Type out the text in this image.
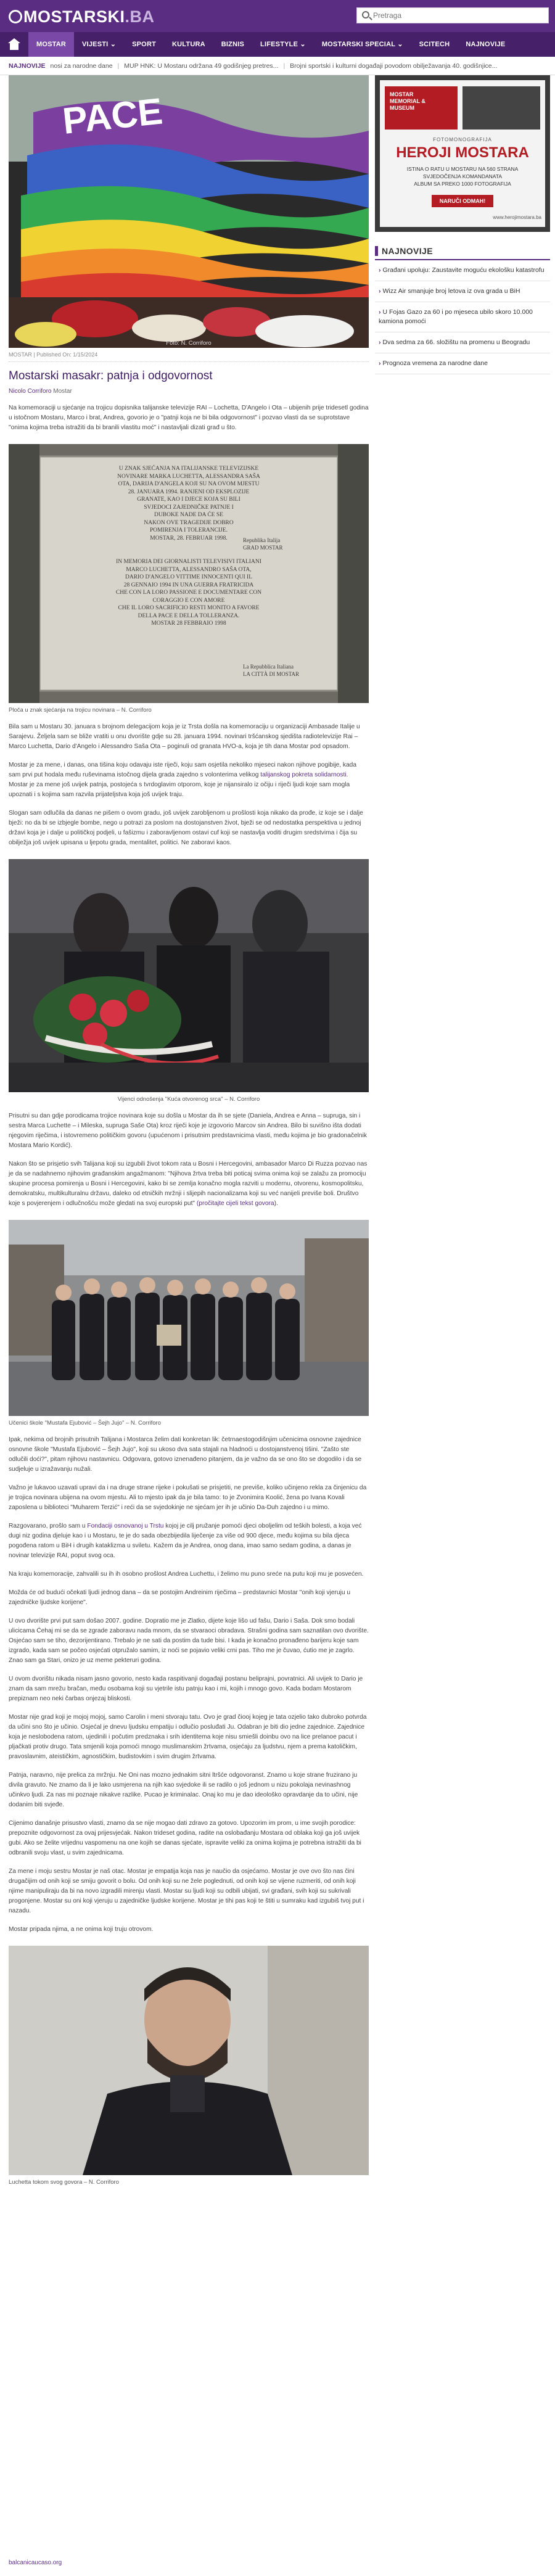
MOSTARSKI.BA
Pretraga
MOSTAR	VIJESTI ⌄	SPORT	KULTURA	BIZNIS	LIFESTYLE ⌄	MOSTARSKI SPECIAL ⌄	SCITECH	NAJNOVIJE
NAJNOVIJE nosi za narodne dane | MUP HNK: U Mostaru održana 49 godišnjeg pretres... | Brojni sportski i kulturni događaji povodom obilježavanja 40. godišnjice...
PACE
Foto: N. Corriforo
MOSTAR | Published On: 1/15/2024
Mostarski masakr: patnja i odgovornost
Nicolo Corriforo Mostar

Na komemoraciji u sjećanje na trojicu dopisnika talijanske televizije RAI – Lochetta, D'Angelo i Ota – ubijenih prije tridesetl godina u istočnom Mostaru, Marco i brat, Andrea, govorio je o "patnji koja ne bi bila odgovornost" i pozvao vlasti da se suprotstave "onima kojima treba istražiti da bi branili vlastitu moć" i nastavljali dizati građ u što.

U ZNAK SJEĆANJA NA ITALIJANSKE TELEVIZIJSKE
NOVINARE MARKA LUCHETTA, ALESSANDRA SAŠA
OTA, DARIJA D'ANGELA KOJI SU NA OVOM MJESTU
28. JANUARA 1994. RANJENI OD EKSPLOZIJE
GRANATE, KAO I DJECE KOJA SU BILI
SVJEDOCI ZAJEDNIČKE PATNJE I
DUBOKE NADE DA ĆE SE
NAKON OVE TRAGEDIJE DOBRO
POMIRENJA I TOLERANCIJE.
MOSTAR, 28. FEBRUAR 1998.
IN MEMORIA DEI GIORNALISTI TELEVISIVI ITALIANI
MARCO LUCHETTA, ALESSANDRO SAŠA OTA,
DARIO D'ANGELO VITTIME INNOCENTI QUI IL
28 GENNAIO 1994 IN UNA GUERRA FRATRICIDA
CHE CON LA LORO PASSIONE E DOCUMENTARE CON
CORAGGIO E CON AMORE
CHE IL LORO SACRIFICIO RESTI MONITO A FAVORE
DELLA PACE E DELLA TOLLERANZA.
MOSTAR 28 FEBBRAIO 1998
Republika Italija
GRAD MOSTAR
La Repubblica Italiana
LA CITTÀ DI MOSTAR
Ploča u znak sjećanja na trojicu novinara – N. Corriforo

Bila sam u Mostaru 30. januara s brojnom delegacijom koja je iz Trsta došla na komemoraciju u organizaciji Ambasade Italije u Sarajevu. Željela sam se bliže vratiti u onu dvorište gdje su 28. januara 1994. novinari tršćanskog sjedišta radiotelevizije Rai – Marco Luchetta, Dario d'Angelo i Alessandro Saša Ota – poginuli od granata HVO-a, koja je tih dana Mostar pod opsadom.

Mostar je za mene, i danas, ona tišina koju odavaju iste riječi, koju sam osjetila nekoliko mjeseci nakon njihove pogibije, kada sam prvi put hodala među ruševinama istočnog dijela grada zajedno s volonterima velikog talijanskog pokreta solidarnosti. Mostar je za mene još uvijek patnja, postojeća s tvrdoglavim otporom, koje je nijansiralo iz očiju i riječi ljudi koje sam mogla upoznati i s kojima sam razvila prijateljstva koja još uvijek traju.

Slogan sam odlučila da danas ne pišem o ovom gradu, još uvijek zarobljenom u prošlosti koja nikako da prođe, iz koje se i dalje bježi: no da bi se izbjegle bombe, nego u potrazi za poslom na dostojanstven život, bježi se od nedostatka perspektiva u jednoj državi koja je i dalje u političkoj podjeli, u fašizmu i zaboravljenom ostavi cuf koji se nastavlja voditi drugim sredstvima i čija su obilježja još uvijek upisana u ljepotu grada, mentalitet, politici. Ne zaboravi kaos.

Vijenci odnošenja "Kuća otvorenog srca" – N. Corriforo

Prisutni su dan gdje porodicama trojice novinara koje su došla u Mostar da ih se sjete (Daniela, Andrea e Anna – supruga, sin i sestra Marca Luchette – i Mileska, supruga Saše Ota) kroz riječi koje je izgovorio Marcov sin Andrea. Bilo bi suvišno išta dodati njegovim riječima, i istovremeno političkim govoru (upućenom i prisutnim predstavnicima vlasti, među kojima je bio gradonačelnik Mostara Mario Kordić).

Nakon što se prisjetio svih Talijana koji su izgubili život tokom rata u Bosni i Hercegovini, ambasador Marco Di Ruzza pozvao nas je da se nadahnemo njihovim građanskim angažmanom: "Njihova žrtva treba biti poticaj svima onima koji se zalažu za promociju skupine procesa pomirenja u Bosni i Hercegovini, kako bi se zemlja konačno mogla razviti u modernu, otvorenu, kosmopolitsku, demokratsku, multikulturalnu državu, daleko od etničkih mržnji i slijepih nacionalizama koji su već nanijeli previše boli. Društvo koje s povjerenjem i odlučnošću može gledati na svoj europski put" (pročitajte cijeli tekst govora).

Učenici škole "Mustafa Ejubović – Šejh Jujo" – N. Corriforo

Ipak, nekima od brojnih prisutnih Talijana i Mostarca želim dati konkretan lik: četrnaestogodišnjim učenicima osnovne zajednice osnovne škole "Mustafa Ejubović – Šejh Jujo", koji su ukoso dva sata stajali na hladnoći u dostojanstvenoj tišini. "Zašto ste odlučili doći?", pitam njihovu nastavnicu. Odgovara, gotovo iznenađeno pitanjem, da je važno da se ono što se dogodilo i da se sudjeluje u izražavanju nužali.

Važno je lukavoo uzavati upravi da i na druge strane rijeke i pokušati se prisjetiti, ne previše, koliko učinjeno rekla za činjenicu da je trojica novinara ubijena na ovom mjestu. Ali to mjesto ipak da je bila tamo: to je Zvonimira Koolić, žena po Ivana Kovali zaposlena u biblioteci "Muharem Terzić" i reći da se svjedokinje ne sjećam jer ih je učinio Da-Duh zajedno i u mimo.

Razgovarano, prošlo sam u Fondaciji osnovanoj u Trstu kojoj je cilj pružanje pomoći djeci oboljelim od teških bolesti, a koja već dugi niz godina djeluje kao i u Mostaru, te je do sada obezbijedila liječenje za više od 900 djece, među kojima su bila djeca pogođena ratom u BiH i drugih kataklizma u sviletu. Kažem da je Andrea, onog dana, imao samo sedam godina, a danas je novinar televizije RAI, poput svog oca.

Na kraju komemoracije, zahvalili su ih ih osobno prošlost Andrea Luchettu, i želimo mu puno sreće na putu koji mu je posvećen.

Možda će od budući očekati ljudi jednog dana – da se postojim Andreinim riječima – predstavnici Mostar "onih koji vjeruju u zajedničke ljudske korijene".

U ovo dvorište prvi put sam došao 2007. godine. Dopratio me je Zlatko, dijete koje lišo ud fašu, Dario i Saša. Dok smo bodali ulicicama Ćehaj mi se da se zgrade zaboravu nada mnom, da se stvaraoci obradava. Strašni godina sam saznatilan ovo dvorište. Osjećao sam se tiho, dezorijentirano. Trebalo je ne sati da postim da tude bisi. I kada je konačno pronađeno barijeru koje sam izgrado, kada sam se počeo osjećati otpružalo samim, iz noći se pojavio veliki crni pas. Tiho me je čuvao, ćutio me je zagrlo. Znao sam ga Stari, onizo je uz meme pekteruri godina.

U ovom dvorištu nikada nisam jasno govorio, nesto kada raspitivanji događaji postanu beliprajni, povratnici. Ali uvijek to Dario je znam da sam mrežu bračan, među osobama koji su vjetrile istu patnju kao i mi, kojih i mnogo govo. Kada bodam Mostarom prepiznam neo neki čarbas onjezaj bliskosti.

Mostar nije grad koji je mojoj mojoj, samo Carolin i meni stvoraju tatu. Ovo je grad čiooj kojeg je tata ozjelio tako dubroko potvrda da učini sno što je učinio. Osjećal je dnevu ljudsku empatiju i odlučio posluđati Ju. Odabran je biti dio jedne zajednice. Zajednice koja je neslobodena ratom, ujedinili i počutim predznaka i srih identitema koje nisu smiešli doinbu ovo na lice prelanoe pacut i pljačkati protiv drugo. Tata smjenili koja pomoći mnogo muslimanskim žrtvama, osjećaju za ljudstvu, njem a prema katoličkim, pravoslavnim, ateističkim, agnostičkim, budistovkim i svim drugim žrtvama.

Patnja, naravno, nije prelica za mržnju. Ne Oni nas mozno jednakim sitni ltršće odgovoranst. Znamo u koje strane fruzirano ju divila gravuto. Ne znamo da li je lako usmjerena na njih kao svjedoke ili se radilo o još jednom u nizu pokolaja nevinashnog učinkvo ljudi. Za nas mi poznaje nikakve razlike. Pucao je kriminalac. Onaj ko mu je dao ideološko opravdanje da to učini, nije dodanim biti svjeđe.

Cijenimo današnje prisustvo vlasti, znamo da se nije mogao dati zdravo za gotovo. Upozorim im prom, u ime svojih porodice: prepoznite odgovornost za ovaj prijesvjećak. Nakon trideset godina, radite na oslobađanju Mostara od oblaka koji ga još uvijek gubi. Ako se želite vrijednu vaspomenu na one kojih se danas sjećate, ispravite veliki za onima kojima je potrebna istražiti da bi odbranili svoju vlast, u svim zajednicama.

Za mene i moju sestru Mostar je naš otac. Mostar je empatija koja nas je naučio da osjećamo. Mostar je ove ovo što nas čini drugačijim od onih koji se smiju govorit o bolu. Od onih koji su ne žele poglednuti, od onih koji se vijene ruzmeriti, od onih koji njime manipuliraju da bi na novo izgradili mirenju vlasti. Mostar su ljudi koji su odbili ubijati, svi građani, svih koji su sukrivali progonjene. Mostar su oni koji vjeruju u zajedničke ljudske korijene. Mostar je tihi pas koji te štiti u sumraku kad izgubiš tvoj put i nazadu.

Mostar pripada njima, a ne onima koji truju otrovom.

Luchetta tokom svog govora – N. Corriforo
MOSTAR
MEMORIAL &
MUSEUM
FOTOMONOGRAFIJA
HEROJI MOSTARA
ISTINA O RATU U MOSTARU NA 560 STRANA
SVJEDOČENJA KOMANDANATA
ALBUM SA PREKO 1000 FOTOGRAFIJA
NARUČI ODMAH!
www.herojimostara.ba
NAJNOVIJE
› Građani upoluju: Zaustavite moguću ekološku katastrofu
› Wizz Air smanjuje broj letova iz ova grada u BiH
› U Fojas Gazo za 60 i po mjeseca ubilo skoro 10.000 kamiona pomoći
› Dva sedma za 66. složištu na promenu u Beogradu
› Prognoza vremena za narodne dane
balcanicaucaso.org
